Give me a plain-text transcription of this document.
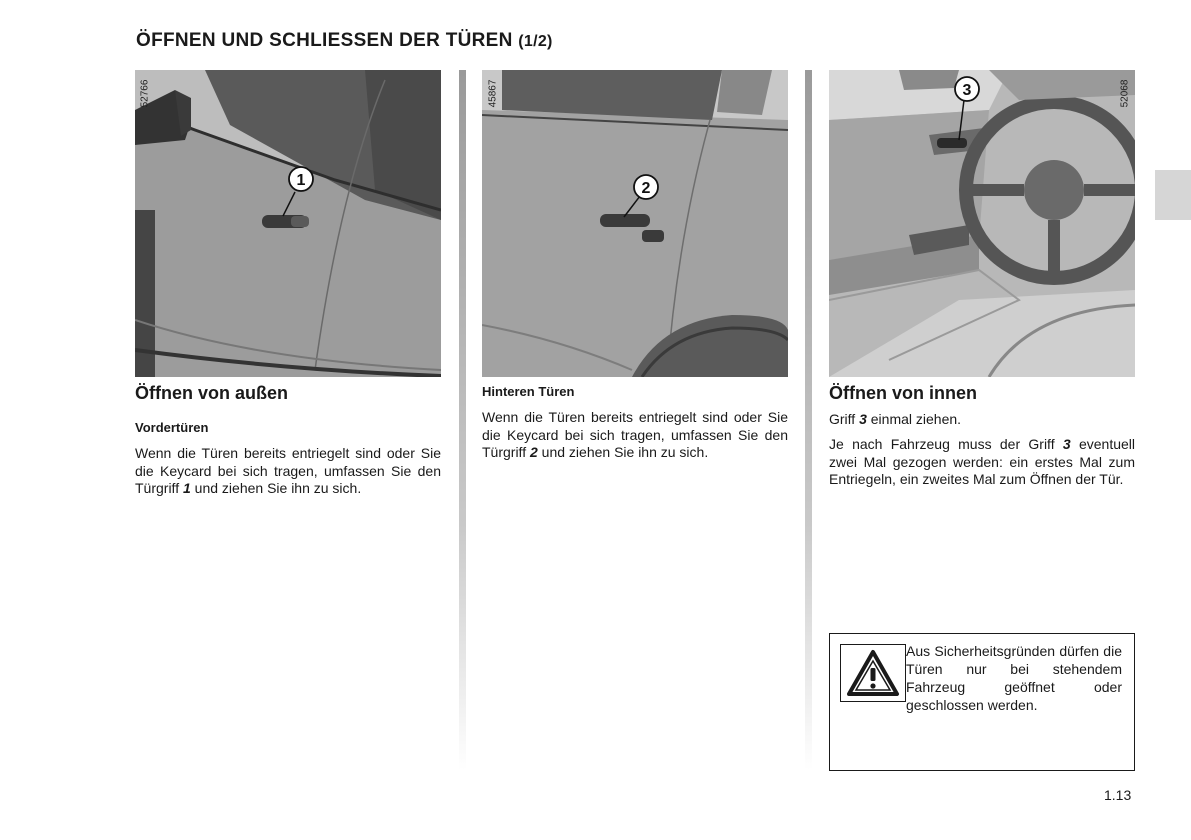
ÖFFNEN UND SCHLIESSEN DER TÜREN (1/2)
1
52766
Öffnen von außen
Vordertüren
Wenn die Türen bereits entriegelt sind oder Sie die Keycard bei sich tragen, umfassen Sie den Türgriff 1 und ziehen Sie ihn zu sich.
2
45867
Hinteren Türen
Wenn die Türen bereits entriegelt sind oder Sie die Keycard bei sich tragen, umfassen Sie den Türgriff 2 und ziehen Sie ihn zu sich.
3	52068
Öffnen von innen
Griff 3 einmal ziehen.
Je nach Fahrzeug muss der Griff 3 eventuell zwei Mal gezogen werden: ein erstes Mal zum Entriegeln, ein zweites Mal zum Öffnen der Tür.
Aus Sicherheitsgründen dürfen die Türen nur bei stehendem Fahrzeug geöffnet oder geschlossen werden.
1.13
